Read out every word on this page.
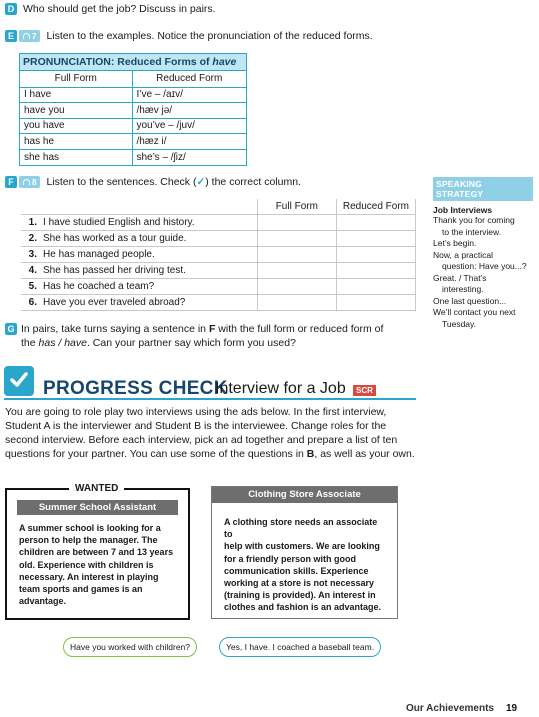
D Who should get the job? Discuss in pairs.
E 7 Listen to the examples. Notice the pronunciation of the reduced forms.
PRONUNCIATION: Reduced Forms of have
Full Form	Reduced Form
I have	I’ve – /aɪv/
have you	/hæv jə/
you have	you’ve – /juv/
has he	/hæz i/
she has	she’s – /ʃiz/
F 8 Listen to the sentences. Check (✓) the correct column.
		Full Form	Reduced Form
1.	I have studied English and history.		
2.	She has worked as a tour guide.		
3.	He has managed people.		
4.	She has passed her driving test.		
5.	Has he coached a team?		
6.	Have you ever traveled abroad?		
G In pairs, take turns saying a sentence in F with the full form or reduced form of
the has / have. Can your partner say which form you used?
SPEAKING STRATEGY
Job Interviews
Thank you for coming
to the interview.
Let’s begin.
Now, a practical
question: Have you...?
Great. / That’s
interesting.
One last question...
We’ll contact you next
Tuesday.
PROGRESS CHECK
Interview for a Job	SCR
You are going to role play two interviews using the ads below. In the first interview,
Student A is the interviewer and Student B is the interviewee. Change roles for the
second interview. Before each interview, pick an ad together and prepare a list of ten
questions for your partner. You can use some of the questions in B, as well as your own.
WANTED
Summer School Assistant
A summer school is looking for a
person to help the manager. The
children are between 7 and 13 years
old. Experience with children is
necessary. An interest in playing
team sports and games is an
advantage.
Clothing Store Associate
A clothing store needs an associate to
help with customers. We are looking
for a friendly person with good
communication skills. Experience
working at a store is not necessary
(training is provided). An interest in
clothes and fashion is an advantage.
Have you worked with children?	Yes, I have. I coached a baseball team.
Our Achievements 19
